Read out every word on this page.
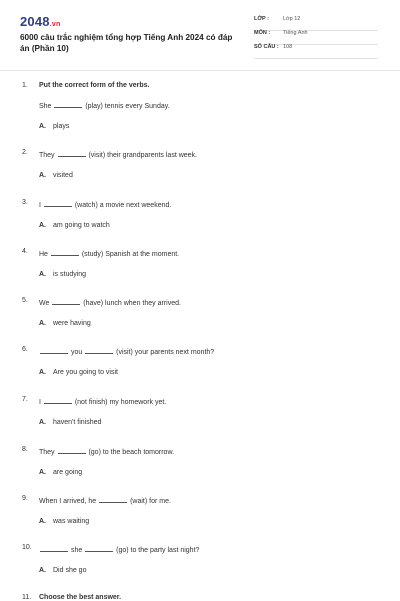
2048.vn
6000 câu trắc nghiệm tổng hợp Tiếng Anh 2024 có đáp án (Phần 10)
LỚP :	Lớp 12
MÔN : Tiếng Anh
SỐ CÂU : 108
1. Put the correct form of the verbs.
She	(play) tennis every Sunday.
A. plays
2. They	(visit) their grandparents last week.
A. visited
3. I	(watch) a movie next weekend.
A. am going to watch
4. He	(study) Spanish at the moment.
A. is studying
5. We	(have) lunch when they arrived.
A. were having
6.	you	(visit) your parents next month?
A. Are you going to visit
7. I	(not finish) my homework yet.
A. haven't finished
8. They	(go) to the beach tomorrow.
A. are going
9. When I arrived, he	(wait) for me.
A. was waiting
10.	she	(go) to the party last night?
A. Did she go
11. Choose the best answer.
